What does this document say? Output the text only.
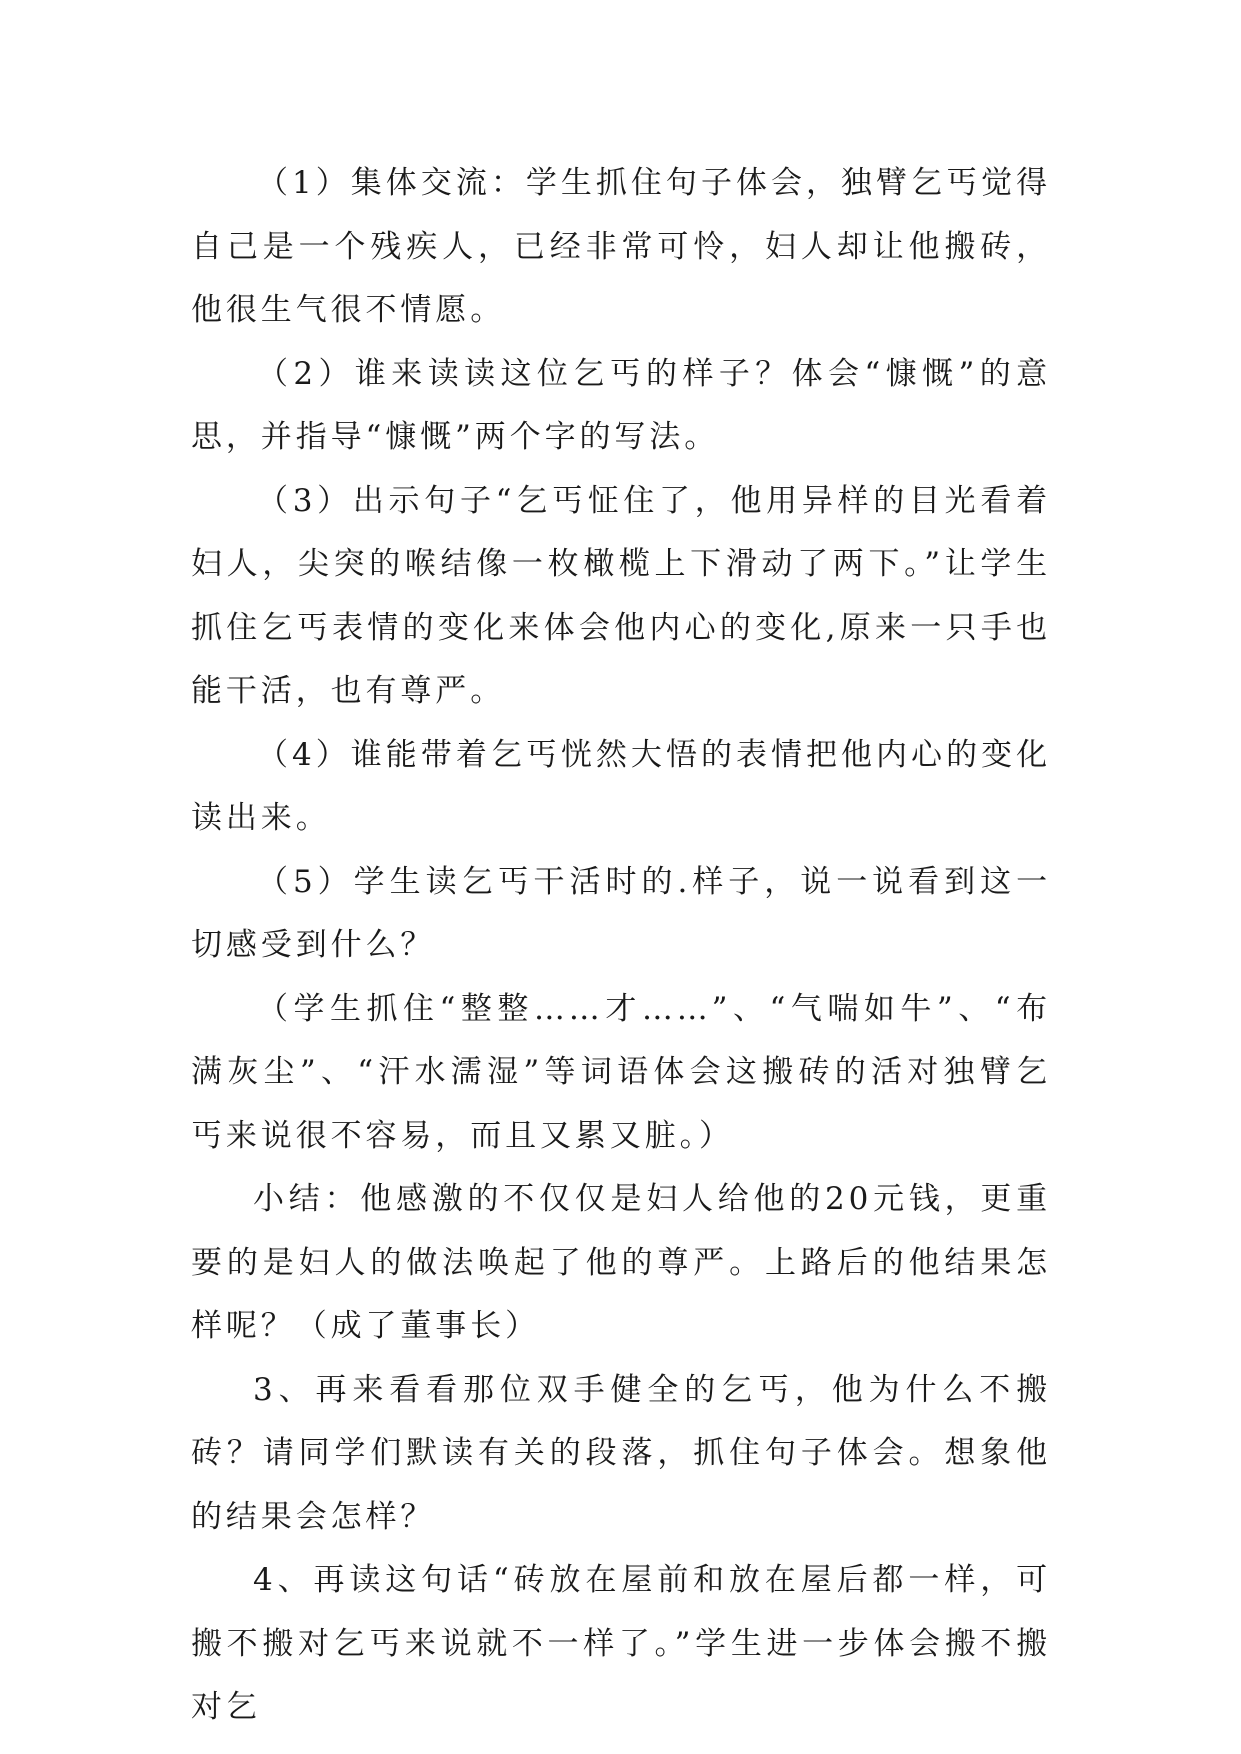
（1）集体交流：学生抓住句子体会，独臂乞丐觉得自己是一个残疾人，已经非常可怜，妇人却让他搬砖，他很生气很不情愿。

（2）谁来读读这位乞丐的样子？体会“慷慨”的意思，并指导“慷慨”两个字的写法。

（3）出示句子“乞丐怔住了，他用异样的目光看着妇人，尖突的喉结像一枚橄榄上下滑动了两下。”让学生抓住乞丐表情的变化来体会他内心的变化,原来一只手也能干活，也有尊严。

（4）谁能带着乞丐恍然大悟的表情把他内心的变化读出来。

（5）学生读乞丐干活时的.样子，说一说看到这一切感受到什么？

（学生抓住“整整……才……”、“气喘如牛”、“布满灰尘”、“汗水濡湿”等词语体会这搬砖的活对独臂乞丐来说很不容易，而且又累又脏。）

小结：他感激的不仅仅是妇人给他的20元钱，更重要的是妇人的做法唤起了他的尊严。上路后的他结果怎样呢？（成了董事长）

3、再来看看那位双手健全的乞丐，他为什么不搬砖？请同学们默读有关的段落，抓住句子体会。想象他的结果会怎样？

4、再读这句话“砖放在屋前和放在屋后都一样，可搬不搬对乞丐来说就不一样了。”学生进一步体会搬不搬对乞
